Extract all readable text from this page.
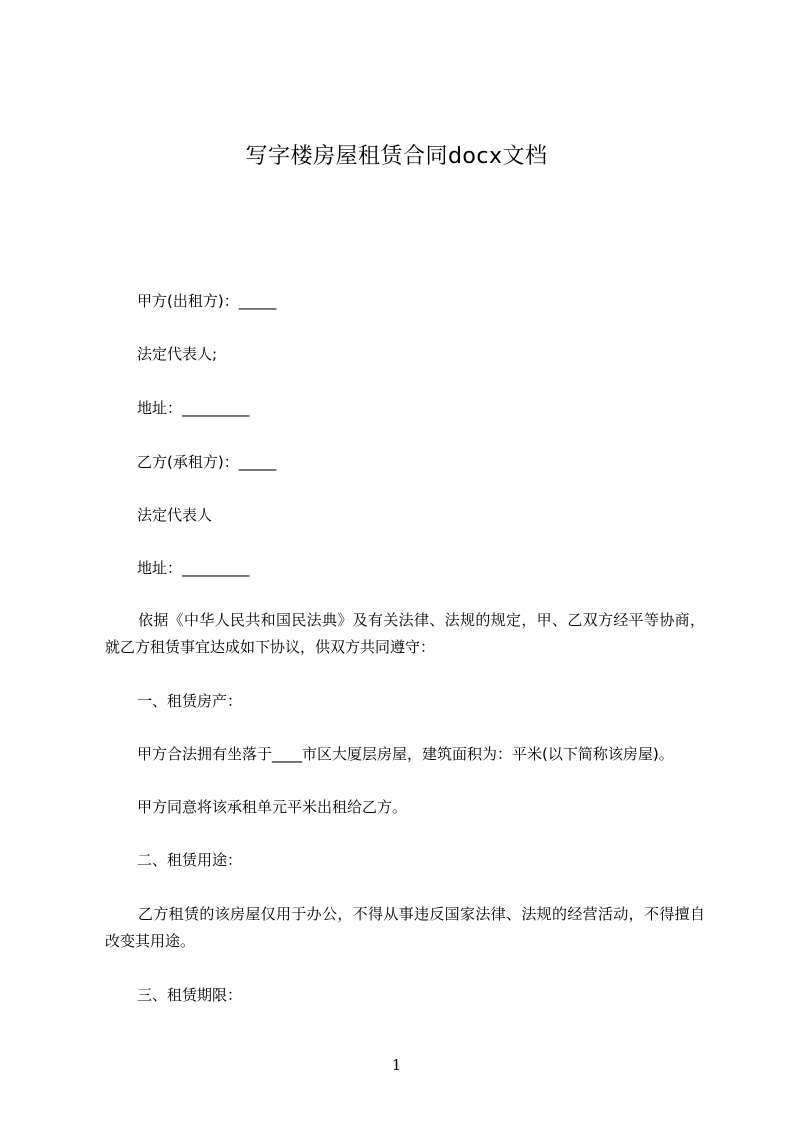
写字楼房屋租赁合同docx文档
甲方(出租方)：_____
法定代表人;
地址：_________
乙方(承租方)：_____
法定代表人
地址：_________
依据《中华人民共和国民法典》及有关法律、法规的规定，甲、乙双方经平等协商，就乙方租赁事宜达成如下协议，供双方共同遵守：
一、租赁房产：
甲方合法拥有坐落于____市区大厦层房屋，建筑面积为：平米(以下简称该房屋)。
甲方同意将该承租单元平米出租给乙方。
二、租赁用途：
乙方租赁的该房屋仅用于办公，不得从事违反国家法律、法规的经营活动，不得擅自改变其用途。
三、租赁期限：
1
